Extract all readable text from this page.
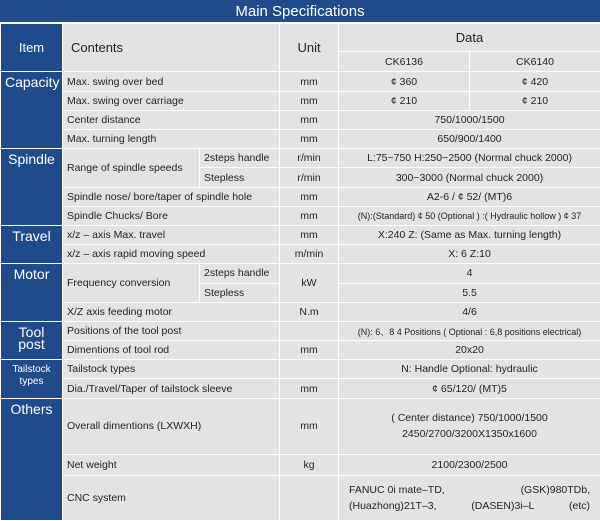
Main Specifications
Item	Contents		Unit	Data	
				CK6136	CK6140
Capacity	Max. swing over bed		mm	¢ 360	¢ 420
	Max. swing over carriage		mm	¢ 210	¢ 210
	Center distance		mm	750/1000/1500	
	Max. turning length		mm	650/900/1400	
Spindle	Range of spindle speeds	2steps handle	r/min	L:75~750 H:250~2500 (Normal chuck 2000)	
		Stepless	r/min	300~3000 (Normal chuck 2000)	
	Spindle nose/ bore/taper of spindle hole		mm	A2-6 / ¢ 52/ (MT)6	
	Spindle Chucks/ Bore		mm	(N):(Standard) ¢ 50 (Optional ) :( Hydraulic hollow ) ¢ 37	
Travel	x/z – axis Max. travel		mm	X:240 Z: (Same as Max. turning length)	
	x/z – axis rapid moving speed		m/min	X: 6 Z:10	
Motor	Frequency conversion	2steps handle	kW	4	
		Stepless		5.5	
	X/Z axis feeding motor		N.m	4/6	
Tool post	Positions of the tool post			(N): 6、8 4 Positions ( Optional : 6,8 positions electrical)	
	Dimentions of tool rod		mm	20x20	
Tailstock types	Tailstock types			N: Handle Optional: hydraulic	
	Dia./Travel/Taper of tailstock sleeve		mm	¢ 65/120/ (MT)5	
Others	Overall dimentions (LXWXH)		mm	( Center distance) 750/1000/1500
2450/2700/3200X1350x1600	

	Net weight		kg	2100/2300/2500	
	CNC system			FANUC 0i mate–TD, (GSK)980TDb,
(Huazhong)21T–3, (DASEN)3i–L (etc)	
